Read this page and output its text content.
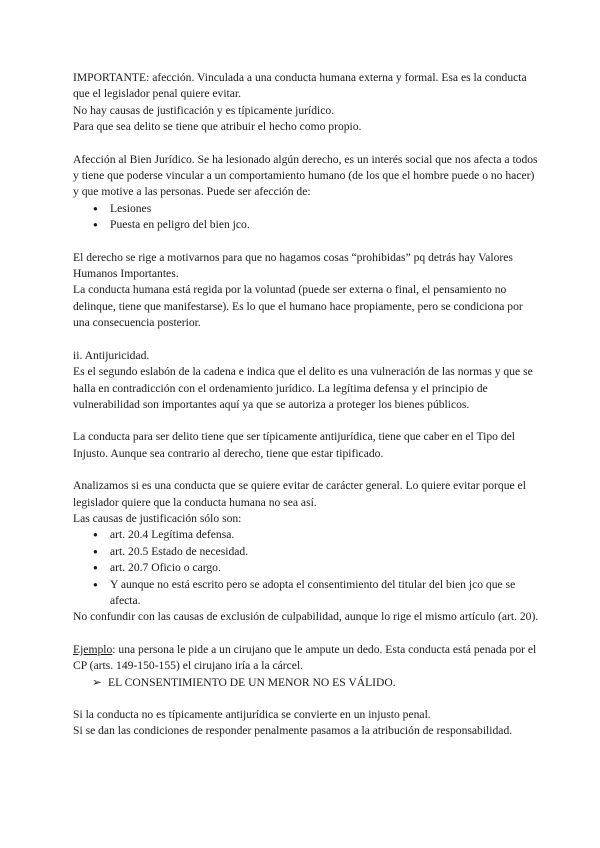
IMPORTANTE: afección. Vinculada a una conducta humana externa y formal. Esa es la conducta que el legislador penal quiere evitar.

No hay causas de justificación y es típicamente jurídico.

Para que sea delito se tiene que atribuir el hecho como propio.

Afección al Bien Jurídico. Se ha lesionado algún derecho, es un interés social que nos afecta a todos y tiene que poderse vincular a un comportamiento humano (de los que el hombre puede o no hacer) y que motive a las personas. Puede ser afección de:

● Lesiones
● Puesta en peligro del bien jco.

El derecho se rige a motivarnos para que no hagamos cosas “prohibidas” pq detrás hay Valores Humanos Importantes.

La conducta humana está regida por la voluntad (puede ser externa o final, el pensamiento no delinque, tiene que manifestarse). Es lo que el humano hace propiamente, pero se condiciona por una consecuencia posterior.

ii. Antijuricidad.

Es el segundo eslabón de la cadena e indica que el delito es una vulneración de las normas y que se halla en contradicción con el ordenamiento jurídico. La legítima defensa y el principio de vulnerabilidad son importantes aquí ya que se autoriza a proteger los bienes públicos.

La conducta para ser delito tiene que ser típicamente antijurídica, tiene que caber en el Tipo del Injusto. Aunque sea contrario al derecho, tiene que estar tipificado.

Analizamos si es una conducta que se quiere evitar de carácter general. Lo quiere evitar porque el legislador quiere que la conducta humana no sea así.

Las causas de justificación sólo son:

● art. 20.4 Legítima defensa.
● art. 20.5 Estado de necesidad.
● art. 20.7 Oficio o cargo.
● Y aunque no está escrito pero se adopta el consentimiento del titular del bien jco que se afecta.

No confundir con las causas de exclusión de culpabilidad, aunque lo rige el mismo artículo (art. 20).

Ejemplo: una persona le pide a un cirujano que le ampute un dedo. Esta conducta está penada por el CP (arts. 149-150-155) el cirujano iría a la cárcel.

➢ EL CONSENTIMIENTO DE UN MENOR NO ES VÁLIDO.

Si la conducta no es típicamente antijurídica se convierte en un injusto penal.

Si se dan las condiciones de responder penalmente pasamos a la atribución de responsabilidad.
